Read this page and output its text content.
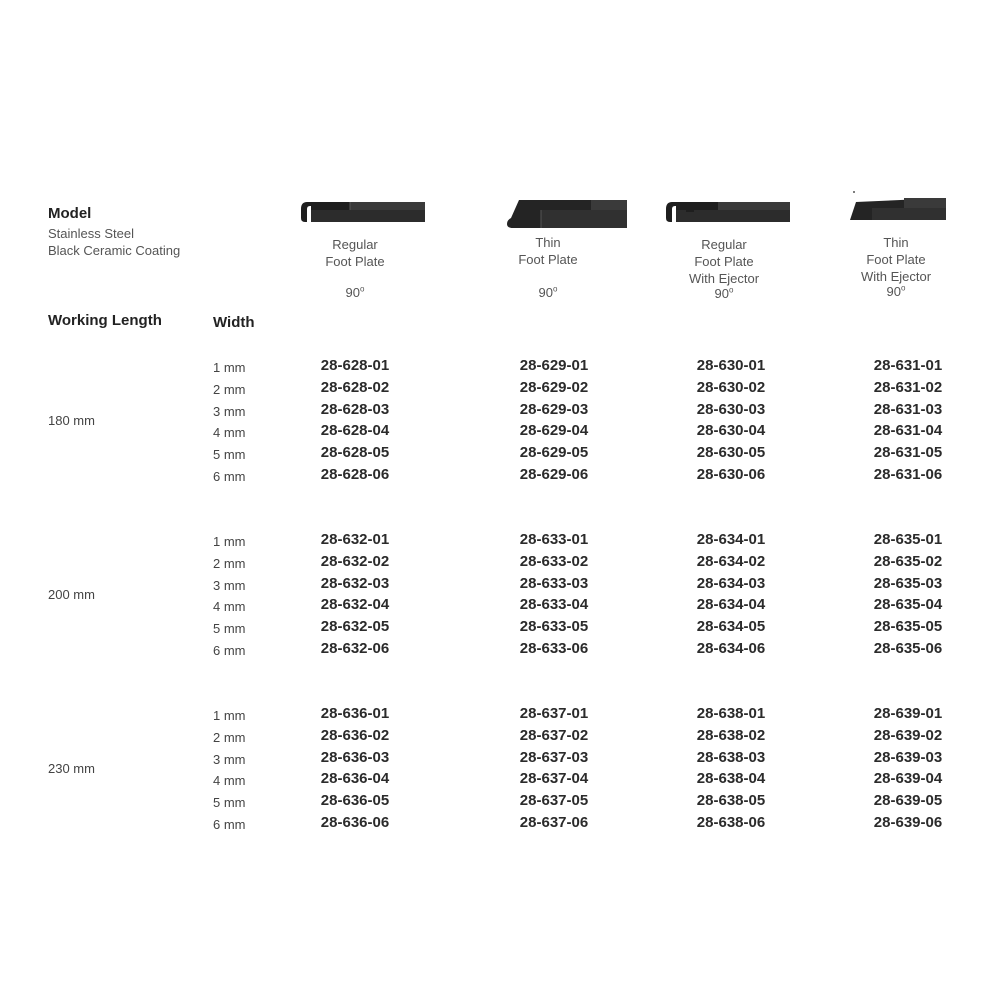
Model
Stainless Steel
Black Ceramic Coating
Working Length	Width
Regular
Foot Plate
90$^o$
Thin
Foot Plate
90$^o$
Regular
Foot Plate
With Ejector
90$^o$
Thin
Foot Plate
With Ejector
90$^o$
180 mm
1 mm	28-628-01	28-629-01	28-630-01	28-631-01
2 mm	28-628-02	28-629-02	28-630-02	28-631-02
3 mm	28-628-03	28-629-03	28-630-03	28-631-03
4 mm	28-628-04	28-629-04	28-630-04	28-631-04
5 mm	28-628-05	28-629-05	28-630-05	28-631-05
6 mm	28-628-06	28-629-06	28-630-06	28-631-06
200 mm
1 mm	28-632-01	28-633-01	28-634-01	28-635-01
2 mm	28-632-02	28-633-02	28-634-02	28-635-02
3 mm	28-632-03	28-633-03	28-634-03	28-635-03
4 mm	28-632-04	28-633-04	28-634-04	28-635-04
5 mm	28-632-05	28-633-05	28-634-05	28-635-05
6 mm	28-632-06	28-633-06	28-634-06	28-635-06
230 mm
1 mm	28-636-01	28-637-01	28-638-01	28-639-01
2 mm	28-636-02	28-637-02	28-638-02	28-639-02
3 mm	28-636-03	28-637-03	28-638-03	28-639-03
4 mm	28-636-04	28-637-04	28-638-04	28-639-04
5 mm	28-636-05	28-637-05	28-638-05	28-639-05
6 mm	28-636-06	28-637-06	28-638-06	28-639-06
